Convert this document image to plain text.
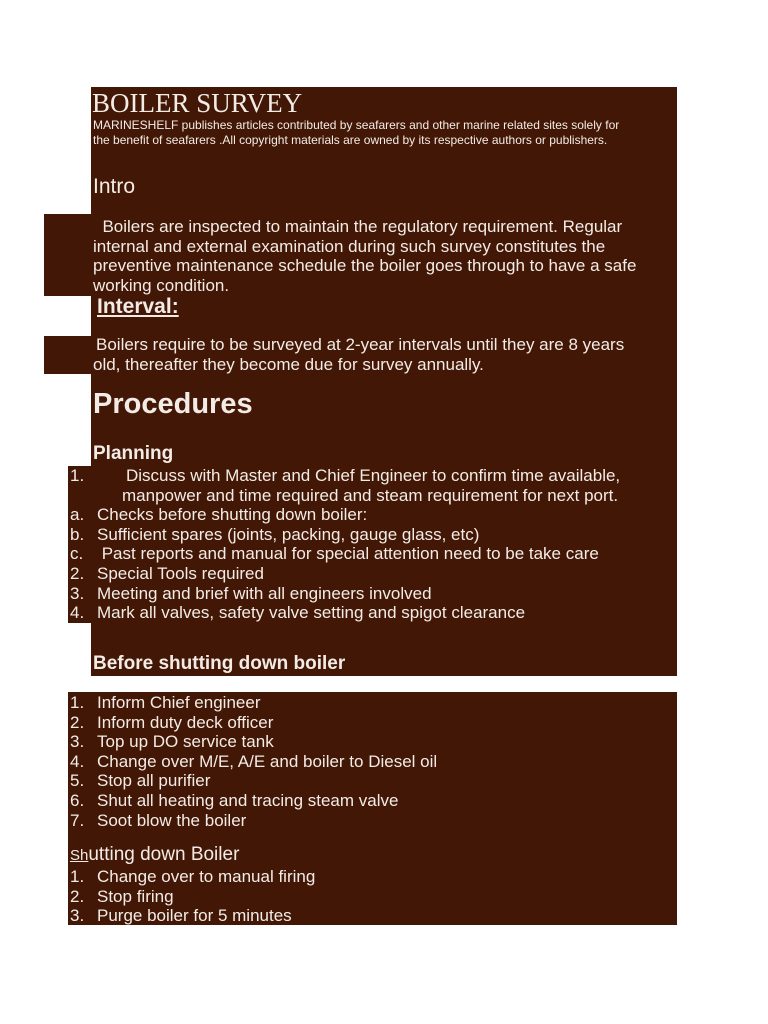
BOILER SURVEY
MARINESHELF publishes articles contributed by seafarers and other marine related sites solely for
the benefit of seafarers .All copyright materials are owned by its respective authors or publishers.
Intro
Boilers are inspected to maintain the regulatory requirement. Regular
internal and external examination during such survey constitutes the
preventive maintenance schedule the boiler goes through to have a safe
working condition.
Interval:
Boilers require to be surveyed at 2-year intervals until they are 8 years
old, thereafter they become due for survey annually.
Procedures
Planning
1. Discuss with Master and Chief Engineer to confirm time available,
manpower and time required and steam requirement for next port.
a. Checks before shutting down boiler:
b. Sufficient spares (joints, packing, gauge glass, etc)
c. Past reports and manual for special attention need to be take care
2. Special Tools required
3. Meeting and brief with all engineers involved
4. Mark all valves, safety valve setting and spigot clearance
Before shutting down boiler
1. Inform Chief engineer
2. Inform duty deck officer
3. Top up DO service tank
4. Change over M/E, A/E and boiler to Diesel oil
5. Stop all purifier
6. Shut all heating and tracing steam valve
7. Soot blow the boiler
Shutting down Boiler
1. Change over to manual firing
2. Stop firing
3. Purge boiler for 5 minutes
